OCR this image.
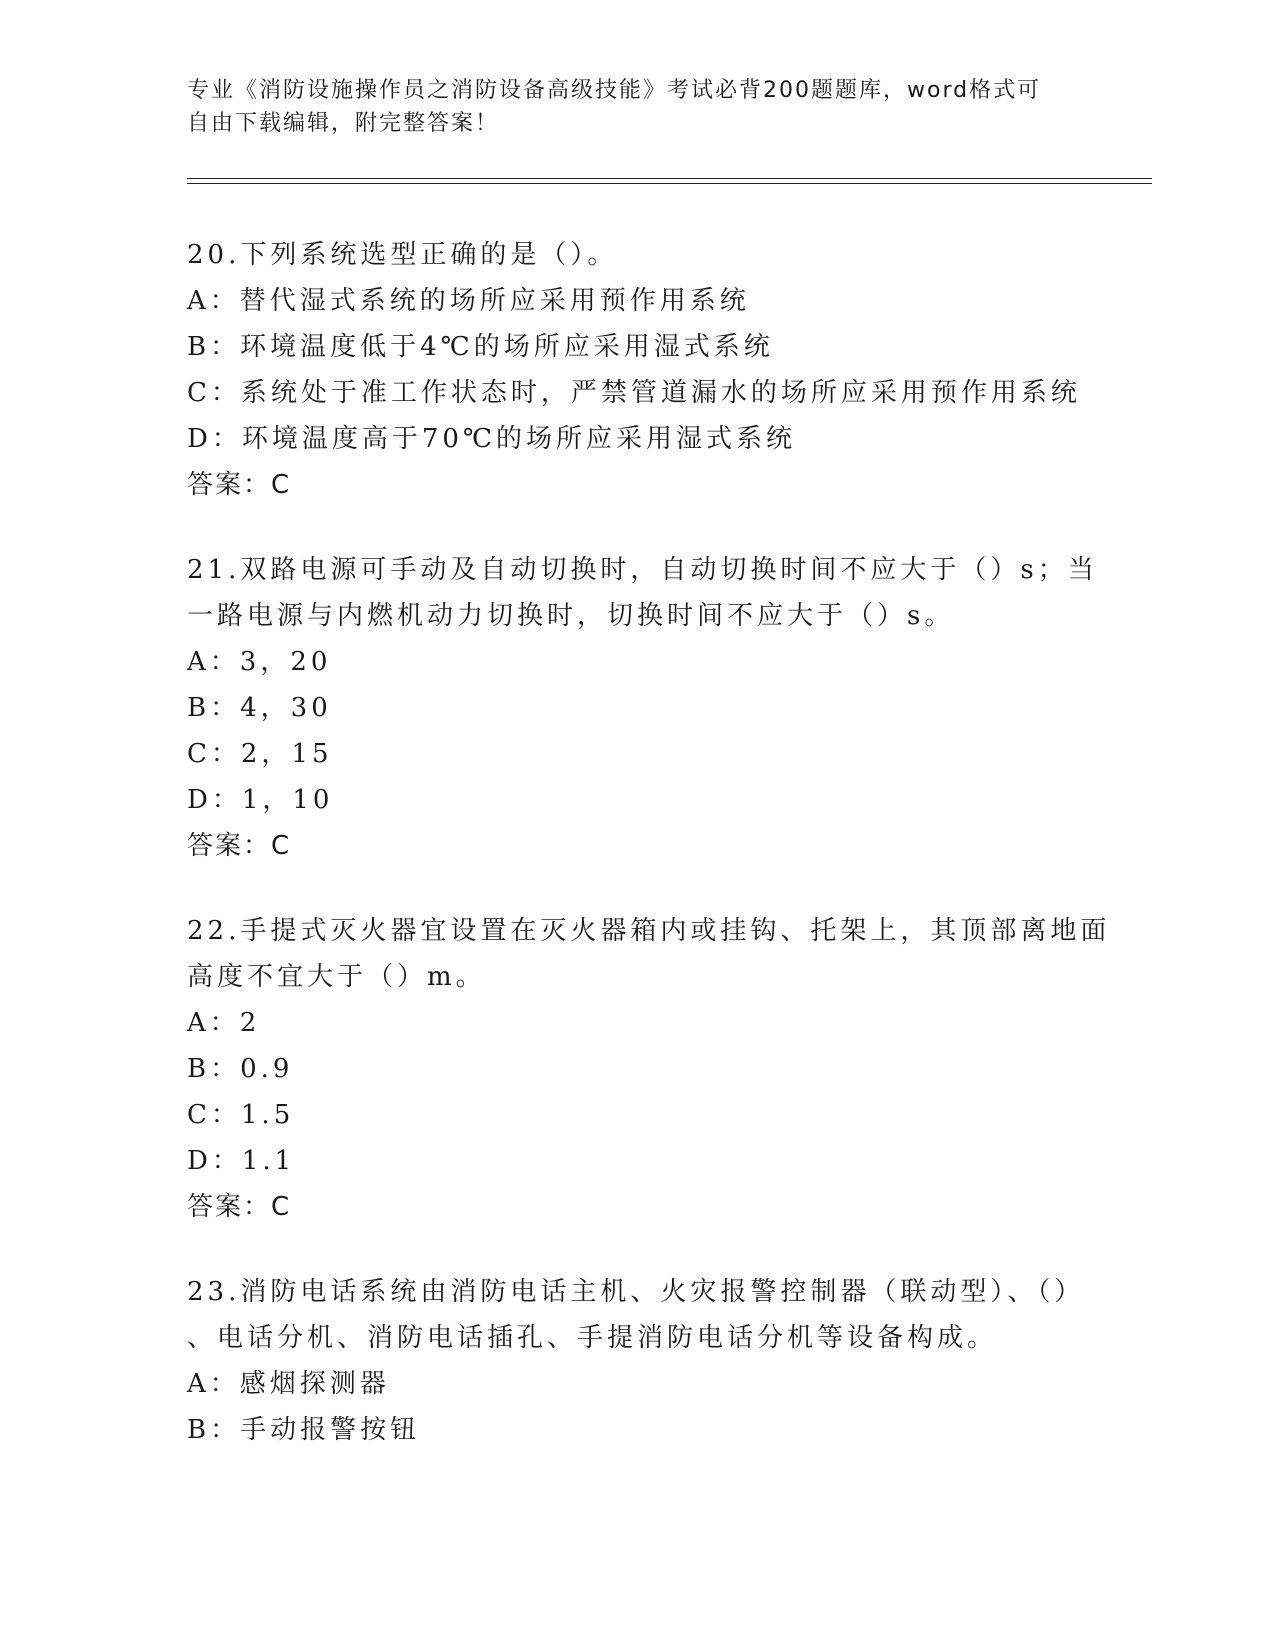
专业《消防设施操作员之消防设备高级技能》考试必背200题题库，word格式可
自由下载编辑，附完整答案！
20.下列系统选型正确的是（）。
A：替代湿式系统的场所应采用预作用系统
B：环境温度低于4℃的场所应采用湿式系统
C：系统处于准工作状态时，严禁管道漏水的场所应采用预作用系统
D：环境温度高于70℃的场所应采用湿式系统
答案：C
21.双路电源可手动及自动切换时，自动切换时间不应大于（）s；当
一路电源与内燃机动力切换时，切换时间不应大于（）s。
A：3，20
B：4，30
C：2，15
D：1，10
答案：C
22.手提式灭火器宜设置在灭火器箱内或挂钩、托架上，其顶部离地面
高度不宜大于（）m。
A：2
B：0.9
C：1.5
D：1.1
答案：C
23.消防电话系统由消防电话主机、火灾报警控制器（联动型）、（）
、电话分机、消防电话插孔、手提消防电话分机等设备构成。
A：感烟探测器
B：手动报警按钮
